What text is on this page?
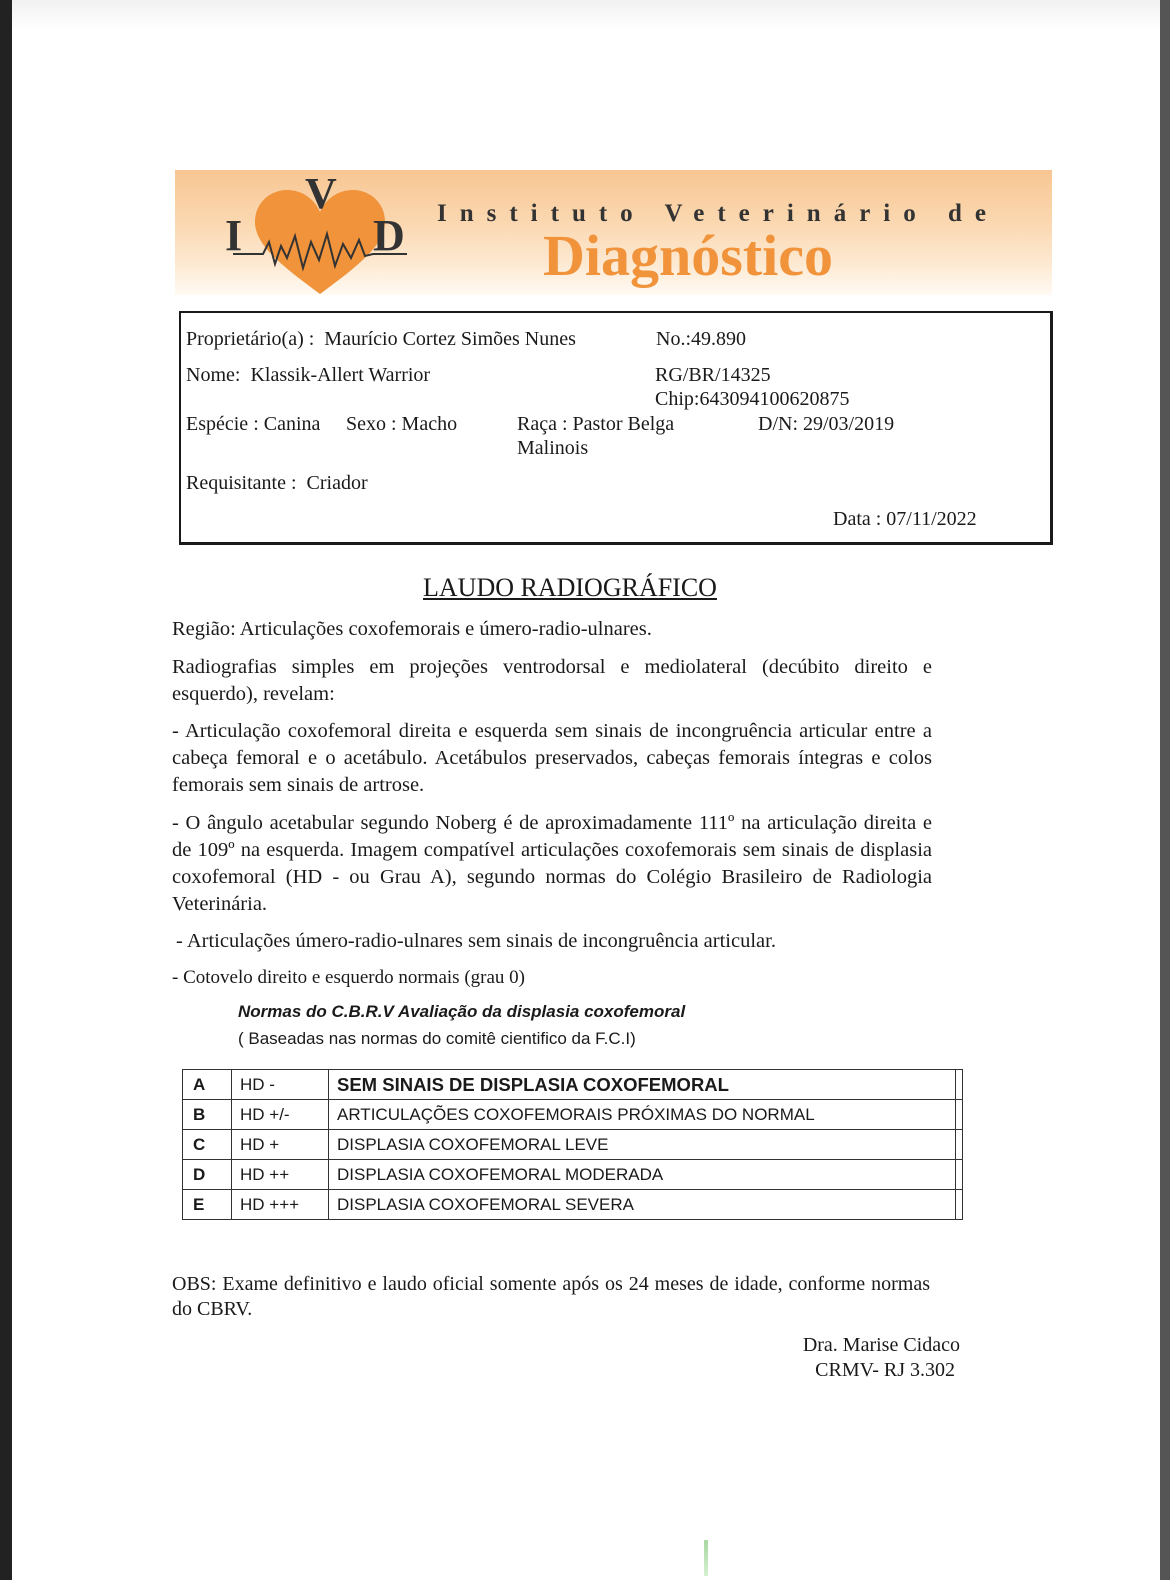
V
I	D Instituto Veterinário de
Diagnóstico
Proprietário(a) : Maurício Cortez Simões Nunes	No.:49.890
Nome: Klassik-Allert Warrior	RG/BR/14325
Chip:643094100620875
Espécie : Canina Sexo : Macho	Raça : Pastor Belga
Malinois
D/N: 29/03/2019
Requisitante : Criador
Data : 07/11/2022
LAUDO RADIOGRÁFICO
Região: Articulações coxofemorais e úmero-radio-ulnares.
Radiografias simples em projeções ventrodorsal e mediolateral (decúbito direito e esquerdo), revelam:
- Articulação coxofemoral direita e esquerda sem sinais de incongruência articular entre a cabeça femoral e o acetábulo. Acetábulos preservados, cabeças femorais íntegras e colos femorais sem sinais de artrose.
- O ângulo acetabular segundo Noberg é de aproximadamente 111º na articulação direita e de 109º na esquerda. Imagem compatível articulações coxofemorais sem sinais de displasia coxofemoral (HD - ou Grau A), segundo normas do Colégio Brasileiro de Radiologia Veterinária.
- Articulações úmero-radio-ulnares sem sinais de incongruência articular.
- Cotovelo direito e esquerdo normais (grau 0)
Normas do C.B.R.V Avaliação da displasia coxofemoral
( Baseadas nas normas do comitê cientifico da F.C.I)
A	HD -	SEM SINAIS DE DISPLASIA COXOFEMORAL	
B	HD +/-	ARTICULAÇÕES COXOFEMORAIS PRÓXIMAS DO NORMAL	
C	HD +	DISPLASIA COXOFEMORAL LEVE	
D	HD ++	DISPLASIA COXOFEMORAL MODERADA	
E	HD +++	DISPLASIA COXOFEMORAL SEVERA	
OBS: Exame definitivo e laudo oficial somente após os 24 meses de idade, conforme normas do CBRV.
Dra. Marise Cidaco
CRMV- RJ 3.302
